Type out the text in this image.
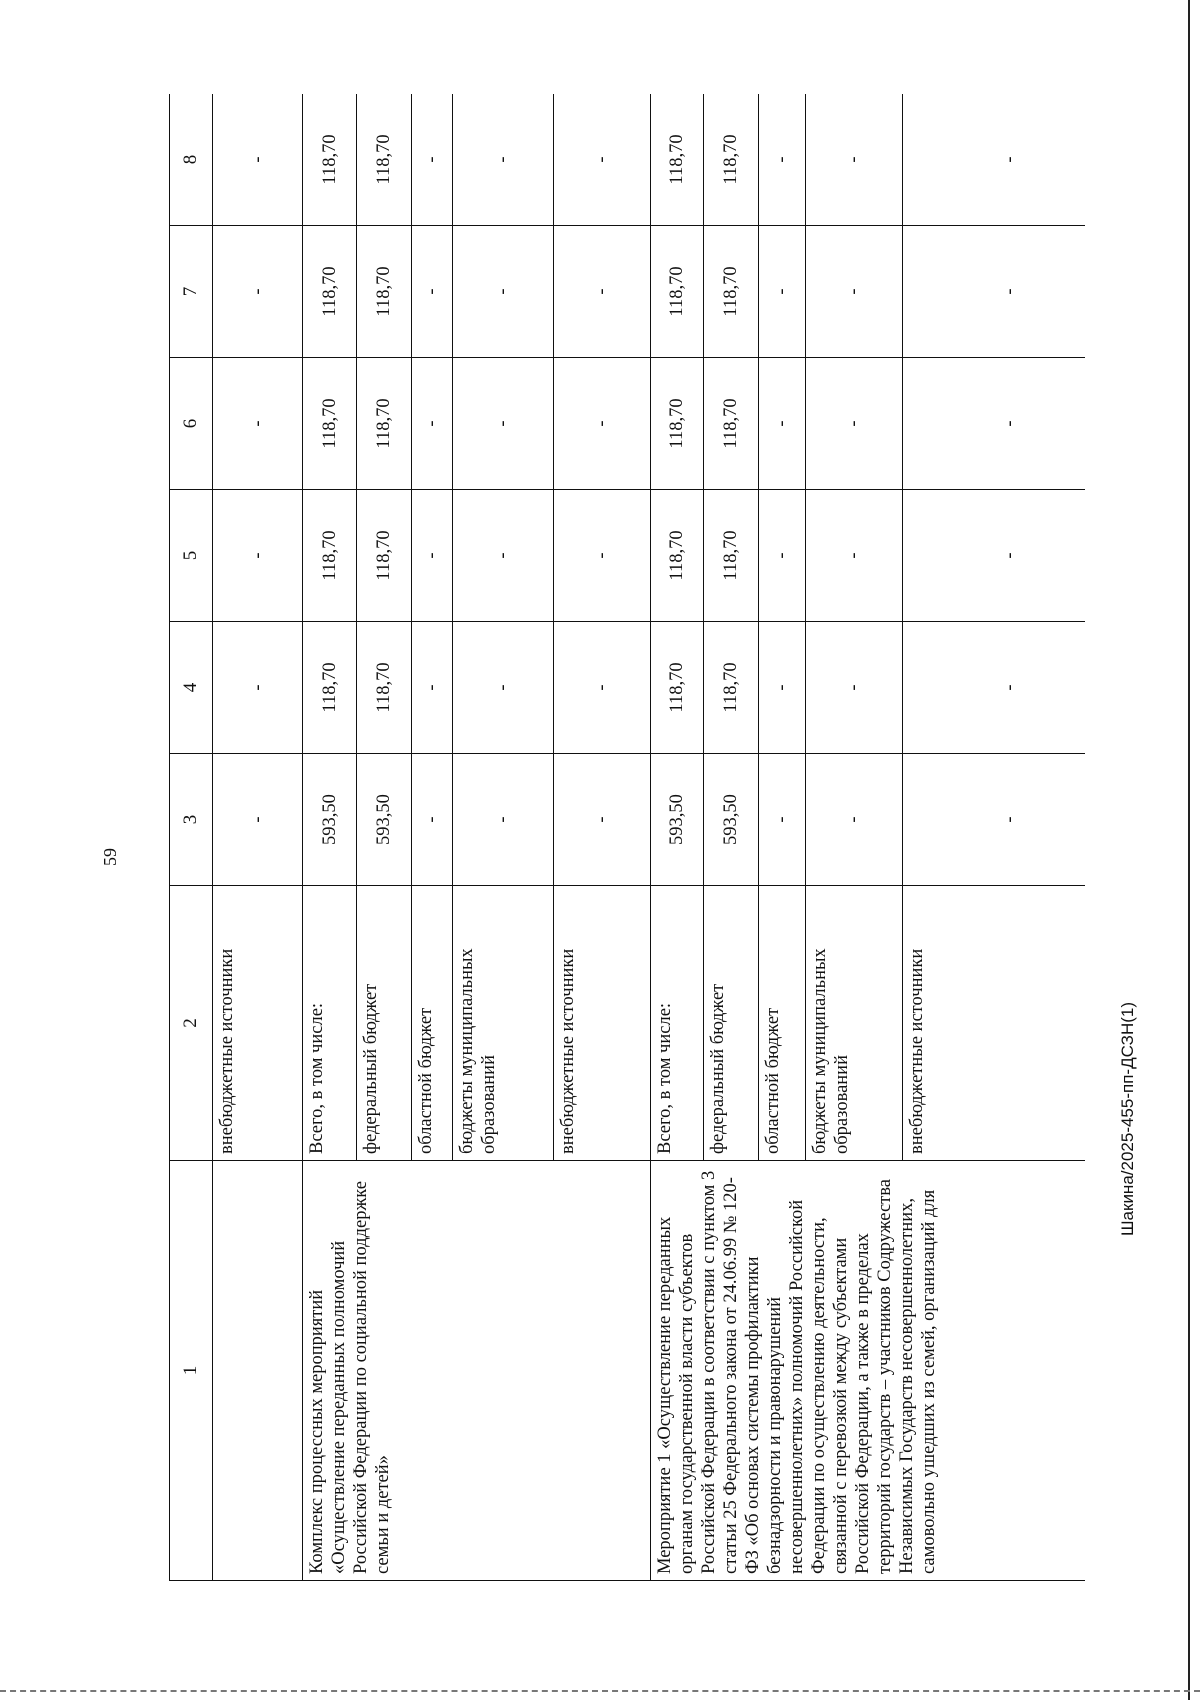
59
Шакина/2025-455-пп-ДСЗН(1)
1	2	3	4	5	6	7	8
	внебюджетные источники	-	-	-	-	-	-
Комплекс процессных мероприятий «Осуществление переданных полномочий Российской Федерации по социальной поддержке семьи и детей»	Всего, в том числе:	593,50	118,70	118,70	118,70	118,70	118,70
	федеральный бюджет	593,50	118,70	118,70	118,70	118,70	118,70
	областной бюджет	-	-	-	-	-	-
	бюджеты муниципальных образований	-	-	-	-	-	-
	внебюджетные источники	-	-	-	-	-	-
Мероприятие 1 «Осуществление переданных органам государственной власти субъектов Российской Федерации в соответствии с пунктом 3 статьи 25 Федерального закона от 24.06.99 № 120-ФЗ «Об основах системы профилактики безнадзорности и правонарушений несовершеннолетних» полномочий Российской Федерации по осуществлению деятельности, связанной с перевозкой между субъектами Российской Федерации, а также в пределах территорий государств – участников Содружества Независимых Государств несовершеннолетних, самовольно ушедших из семей, организаций для	Всего, в том числе:	593,50	118,70	118,70	118,70	118,70	118,70
	федеральный бюджет	593,50	118,70	118,70	118,70	118,70	118,70
	областной бюджет	-	-	-	-	-	-
	бюджеты муниципальных образований	-	-	-	-	-	-
	внебюджетные источники	-	-	-	-	-	-
